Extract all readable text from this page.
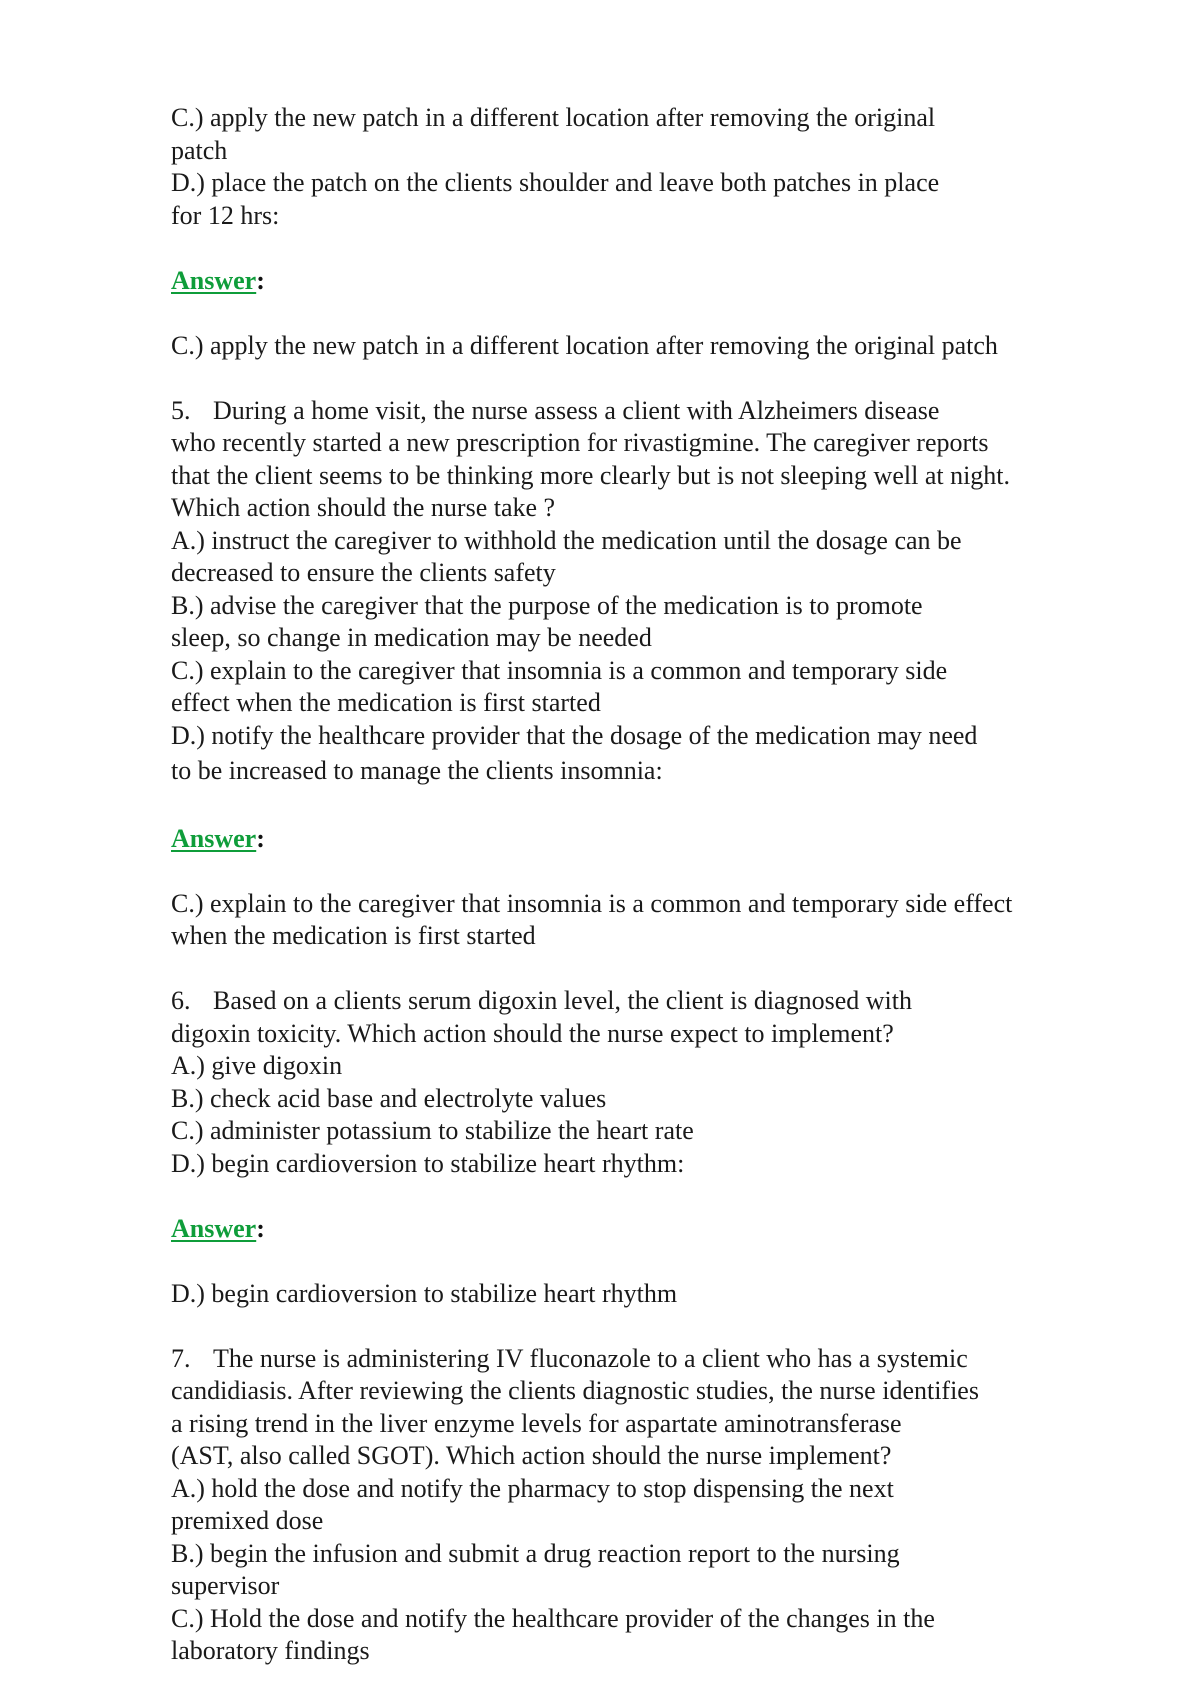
C.) apply the new patch in a different location after removing the original
patch
D.) place the patch on the clients shoulder and leave both patches in place
for 12 hrs:
Answer:
C.) apply the new patch in a different location after removing the original patch
5. During a home visit, the nurse assess a client with Alzheimers disease
who recently started a new prescription for rivastigmine. The caregiver reports
that the client seems to be thinking more clearly but is not sleeping well at night.
Which action should the nurse take ?
A.) instruct the caregiver to withhold the medication until the dosage can be
decreased to ensure the clients safety
B.) advise the caregiver that the purpose of the medication is to promote
sleep, so change in medication may be needed
C.) explain to the caregiver that insomnia is a common and temporary side
effect when the medication is first started
D.) notify the healthcare provider that the dosage of the medication may need
to be increased to manage the clients insomnia:
Answer:
C.) explain to the caregiver that insomnia is a common and temporary side effect
when the medication is first started
6. Based on a clients serum digoxin level, the client is diagnosed with
digoxin toxicity. Which action should the nurse expect to implement?
A.) give digoxin
B.) check acid base and electrolyte values
C.) administer potassium to stabilize the heart rate
D.) begin cardioversion to stabilize heart rhythm:
Answer:
D.) begin cardioversion to stabilize heart rhythm
7. The nurse is administering IV fluconazole to a client who has a systemic
candidiasis. After reviewing the clients diagnostic studies, the nurse identifies
a rising trend in the liver enzyme levels for aspartate aminotransferase
(AST, also called SGOT). Which action should the nurse implement?
A.) hold the dose and notify the pharmacy to stop dispensing the next
premixed dose
B.) begin the infusion and submit a drug reaction report to the nursing
supervisor
C.) Hold the dose and notify the healthcare provider of the changes in the
laboratory findings
